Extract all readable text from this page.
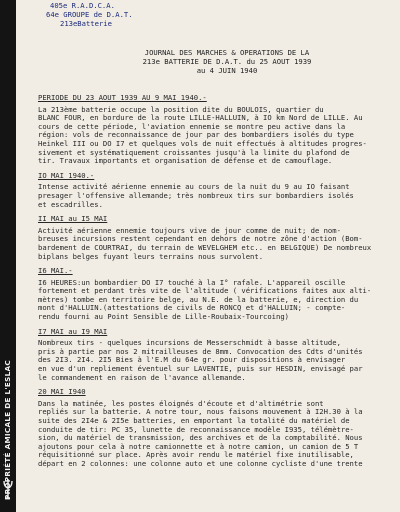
PROPRIÉTÉ AMICALE DE L'ESLAC
405e R.A.D.C.A.
64e GROUPE de D.A.T.
213eBatterie
JOURNAL DES MARCHES & OPERATIONS DE LA
213e BATTERIE DE D.A.T. du 25 AOUT 1939
au 4 JUIN 1940
PERIODE DU 23 AOUT 1939 AU 9 MAI 1940.-
La 213ème batterie occupe la position dite du BOULOIS, quartier du
BLANC FOUR, en bordure de la route LILLE-HALLUIN, à IO km Nord de LILLE. Au
cours de cette période, l'aviation ennemie se montre peu active dans la
région: vols de reconnaissance de jour par des bombardiers isolés du type
Heinkel III ou DO I7 et quelques vols de nuit effectués à altitudes progres-
sivement et systématiquement croissantes jusqu'à la limite du plafond de
tir. Travaux importants et organisation de défense et de camouflage.
IO MAI 1940.-
Intense activité aérienne ennemie au cours de la nuit du 9 au IO faisant
presager l'offensive allemande; très nombreux tirs sur bombardiers isolés
et escadrilles.
II MAI au I5 MAI
Activité aérienne ennemie toujours vive de jour comme de nuit; de nom-
breuses incursions restent cependant en dehors de notre zône d'action (Bom-
bardement de COURTRAI, du terrain de WEVELGHEM etc.. en BELGIQUE) De nombreux
biplans belges fuyant leurs terrains nous survolent.
I6 MAI.-
I6 HEURES:un bombardier DO I7 touché à la I° rafale. L'appareil oscille
fortement et perdant très vite de l'altitude ( vérifications faites aux alti-
mètres) tombe en territoire belge, au N.E. de la batterie, e, direction du
mont d'HALLUIN.(attestations de civils de RONCQ et d'HALLUIN; - compte-
rendu fourni au Point Sensible de Lille-Roubaix-Tourcoing)
I7 MAI au I9 MAI
Nombreux tirs - quelques incursions de Messerschmidt à basse altitude,
pris à partie par nos 2 mitrailleuses de 8mm. Convocation des Cdts d'unités
des 2I3. 2I4. 2I5 Bies à l'E.M du 64e gr. pour dispositions à envisager
en vue d'un repliement éventuel sur LAVENTIE, puis sur HESDIN, envisagé par
le commandement en raison de l'avance allemande.
20 MAI I940
Dans la matinée, les postes éloignés d'écoute et d'altimétrie sont
repliés sur la batterie. A notre tour, nous faisons mouvement à I2H.30 à la
suite des 2I4e & 2I5e batteries, en emportant la totalité du matériel de
conduite de tir: PC 35, lunette de reconnaissance modèle I935, télémètre-
sion, du matériel de transmission, des archives et de la comptabilité. Nous
ajoutons pour cela à notre camionnette et à notre camion, un camion de 5 T
réquisitionné sur place. Après avoir rendu le matériel fixe inutilisable,
départ en 2 colonnes: une colonne auto et une colonne cycliste d'une trente
